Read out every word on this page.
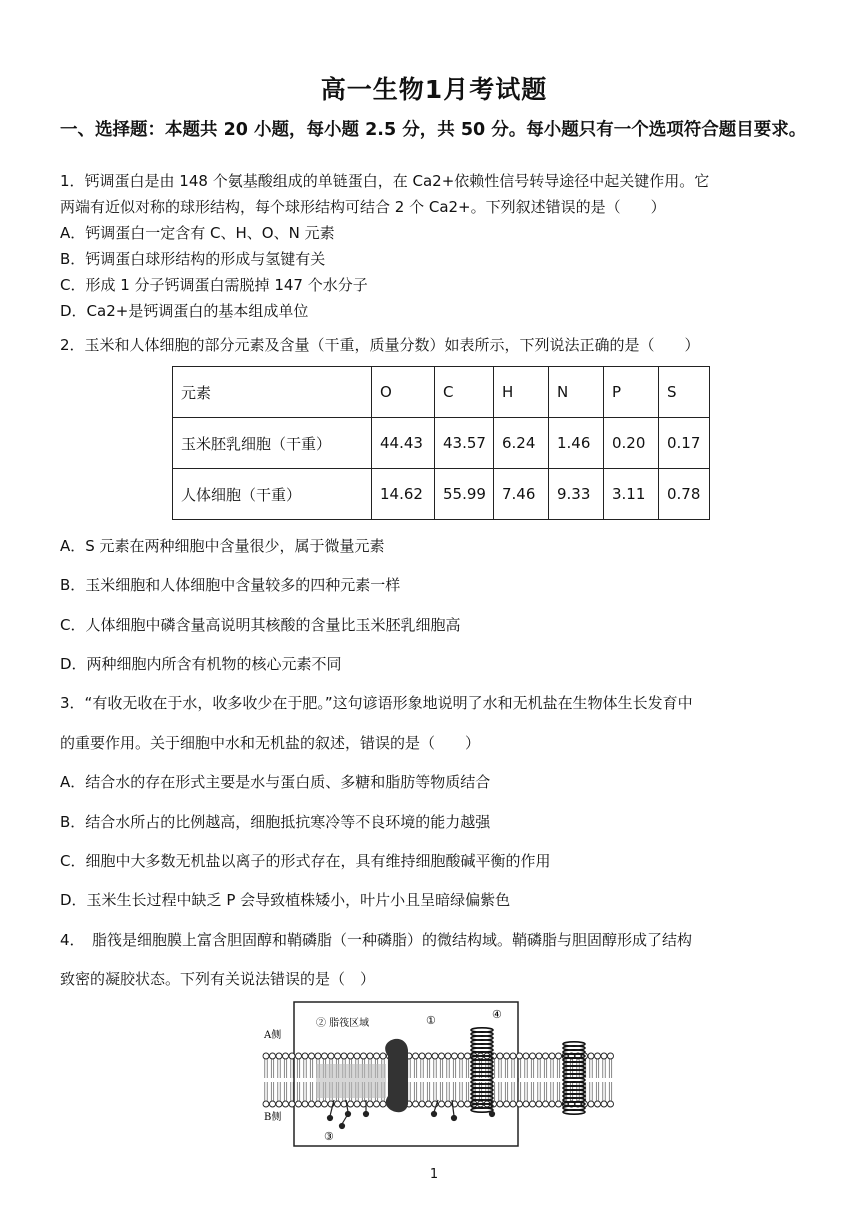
高一生物1月考试题
一、选择题：本题共 20 小题，每小题 2.5 分，共 50 分。每小题只有一个选项符合题目要求。
1．钙调蛋白是由 148 个氨基酸组成的单链蛋白，在 Ca2+依赖性信号转导途径中起关键作用。它
两端有近似对称的球形结构，每个球形结构可结合 2 个 Ca2+。下列叙述错误的是（　　）
A．钙调蛋白一定含有 C、H、O、N 元素
B．钙调蛋白球形结构的形成与氢键有关
C．形成 1 分子钙调蛋白需脱掉 147 个水分子
D．Ca2+是钙调蛋白的基本组成单位
2．玉米和人体细胞的部分元素及含量（干重，质量分数）如表所示，下列说法正确的是（　　）
元素	O	C	H	N	P	S
玉米胚乳细胞（干重）	44.43	43.57	6.24	1.46	0.20	0.17
人体细胞（干重）	14.62	55.99	7.46	9.33	3.11	0.78
A．S 元素在两种细胞中含量很少，属于微量元素
B．玉米细胞和人体细胞中含量较多的四种元素一样
C．人体细胞中磷含量高说明其核酸的含量比玉米胚乳细胞高
D．两种细胞内所含有机物的核心元素不同
3．“有收无收在于水，收多收少在于肥。”这句谚语形象地说明了水和无机盐在生物体生长发育中
的重要作用。关于细胞中水和无机盐的叙述，错误的是（　　）
A．结合水的存在形式主要是水与蛋白质、多糖和脂肪等物质结合
B．结合水所占的比例越高，细胞抵抗寒冷等不良环境的能力越强
C．细胞中大多数无机盐以离子的形式存在，具有维持细胞酸碱平衡的作用
D．玉米生长过程中缺乏 P 会导致植株矮小，叶片小且呈暗绿偏紫色
4．　脂筏是细胞膜上富含胆固醇和鞘磷脂（一种磷脂）的微结构域。鞘磷脂与胆固醇形成了结构
致密的凝胶状态。下列有关说法错误的是（　）
A侧
B侧
② 脂筏区域	①
③
④
1
